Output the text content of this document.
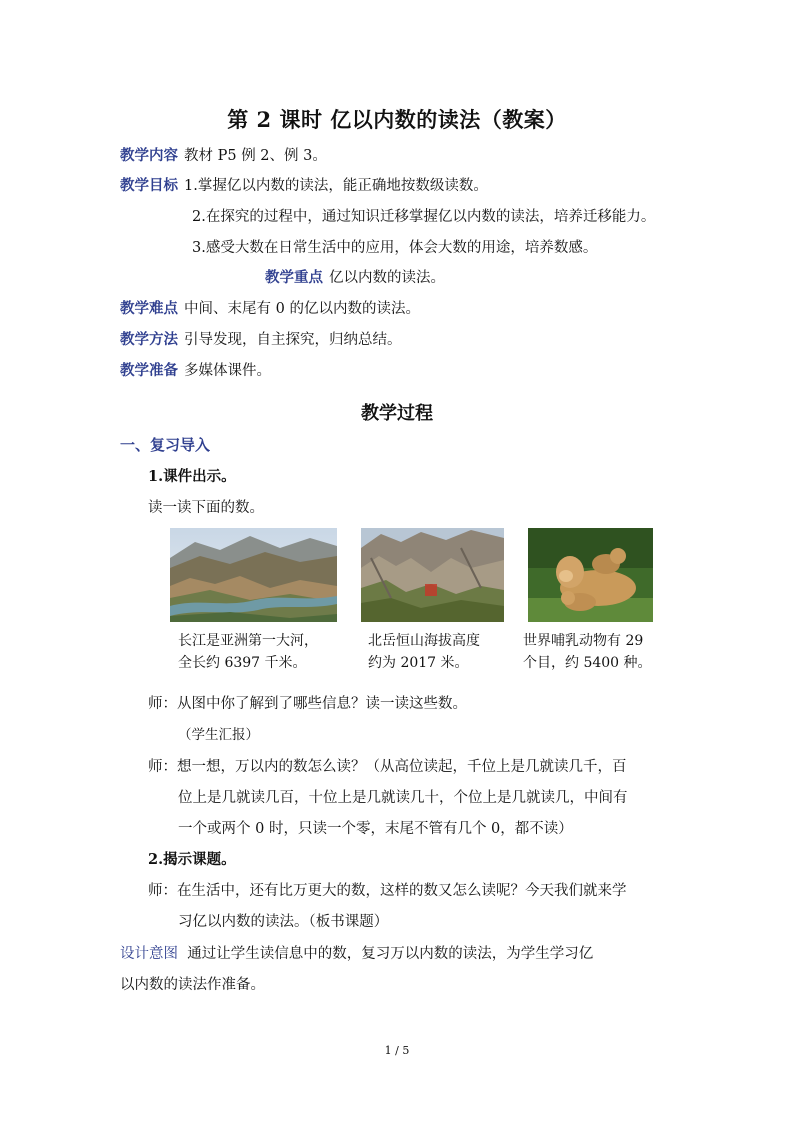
第 2 课时 亿以内数的读法（教案）
教学内容 教材 P5 例 2、例 3。
教学目标 1.掌握亿以内数的读法，能正确地按数级读数。
2.在探究的过程中，通过知识迁移掌握亿以内数的读法，培养迁移能力。
3.感受大数在日常生活中的应用，体会大数的用途，培养数感。
教学重点 亿以内数的读法。
教学难点 中间、末尾有 0 的亿以内数的读法。
教学方法 引导发现，自主探究，归纳总结。
教学准备 多媒体课件。
教学过程
一、复习导入
1.课件出示。
读一读下面的数。
长江是亚洲第一大河，
全长约 6397 千米。
北岳恒山海拔高度
约为 2017 米。
世界哺乳动物有 29
个目，约 5400 种。
师：从图中你了解到了哪些信息？读一读这些数。
（学生汇报）
师：想一想，万以内的数怎么读？（从高位读起，千位上是几就读几千，百
位上是几就读几百，十位上是几就读几十，个位上是几就读几，中间有
一个或两个 0 时，只读一个零，末尾不管有几个 0，都不读）
2.揭示课题。
师：在生活中，还有比万更大的数，这样的数又怎么读呢？今天我们就来学
习亿以内数的读法。（板书课题）
设计意图 通过让学生读信息中的数，复习万以内数的读法，为学生学习亿
以内数的读法作准备。
1 / 5
